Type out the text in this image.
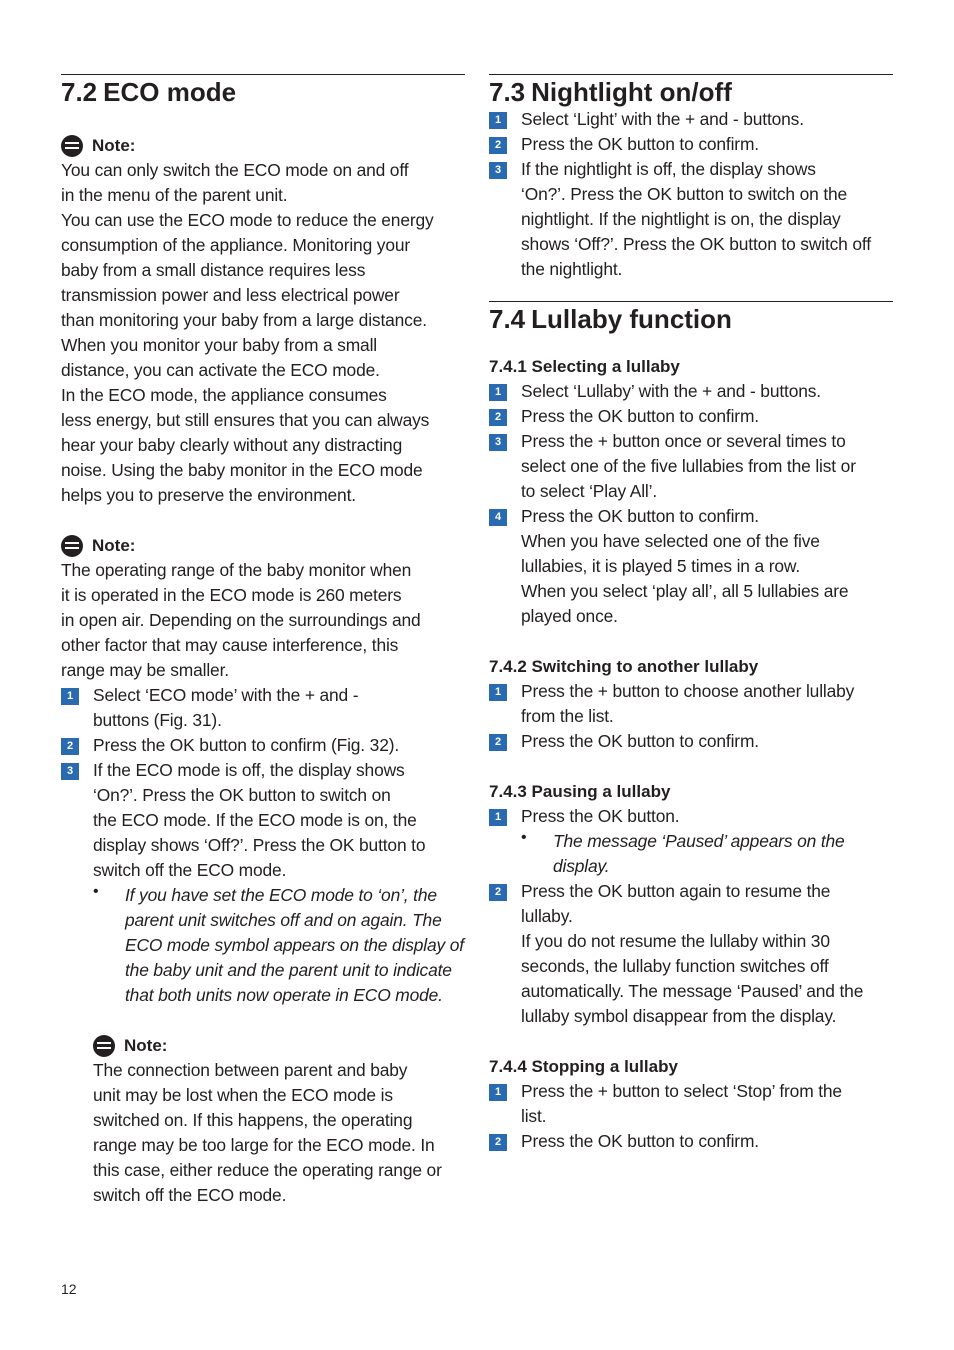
7.2 ECO mode

Note:

You can only switch the ECO mode on and off

in the menu of the parent unit.

You can use the ECO mode to reduce the energy

consumption of the appliance. Monitoring your

baby from a small distance requires less

transmission power and less electrical power

than monitoring your baby from a large distance.

When you monitor your baby from a small

distance, you can activate the ECO mode.

In the ECO mode, the appliance consumes

less energy, but still ensures that you can always

hear your baby clearly without any distracting

noise. Using the baby monitor in the ECO mode

helps you to preserve the environment.

Note:

The operating range of the baby monitor when

it is operated in the ECO mode is 260 meters

in open air. Depending on the surroundings and

other factor that may cause interference, this

range may be smaller.

1	Select ‘ECO mode’ with the + and -

buttons (Fig. 31).

2	Press the OK button to confirm (Fig. 32).

3	If the ECO mode is off, the display shows

‘On?’. Press the OK button to switch on

the ECO mode. If the ECO mode is on, the

display shows ‘Off?’. Press the OK button to

switch off the ECO mode.

• If you have set the ECO mode to ‘on’, the

parent unit switches off and on again. The

ECO mode symbol appears on the display of

the baby unit and the parent unit to indicate

that both units now operate in ECO mode.

Note:

The connection between parent and baby

unit may be lost when the ECO mode is

switched on. If this happens, the operating

range may be too large for the ECO mode. In

this case, either reduce the operating range or

switch off the ECO mode.

7.3 Nightlight on/off
1	Select ‘Light’ with the + and - buttons.

2	Press the OK button to confirm.

3	If the nightlight is off, the display shows

‘On?’. Press the OK button to switch on the

nightlight. If the nightlight is on, the display

shows ‘Off?’. Press the OK button to switch off

the nightlight.

7.4 Lullaby function

7.4.1 Selecting a lullaby

1	Select ‘Lullaby’ with the + and - buttons.

2	Press the OK button to confirm.

3	Press the + button once or several times to

select one of the five lullabies from the list or

to select ‘Play All’.

4	Press the OK button to confirm.

When you have selected one of the five

lullabies, it is played 5 times in a row.

When you select ‘play all’, all 5 lullabies are

played once.

7.4.2 Switching to another lullaby

1	Press the + button to choose another lullaby

from the list.

2	Press the OK button to confirm.

7.4.3 Pausing a lullaby

1	Press the OK button.

• The message ‘Paused’ appears on the

display.

2	Press the OK button again to resume the

lullaby.

If you do not resume the lullaby within 30

seconds, the lullaby function switches off

automatically. The message ‘Paused’ and the

lullaby symbol disappear from the display.

7.4.4 Stopping a lullaby

1	Press the + button to select ‘Stop’ from the

list.

2	Press the OK button to confirm.

12
